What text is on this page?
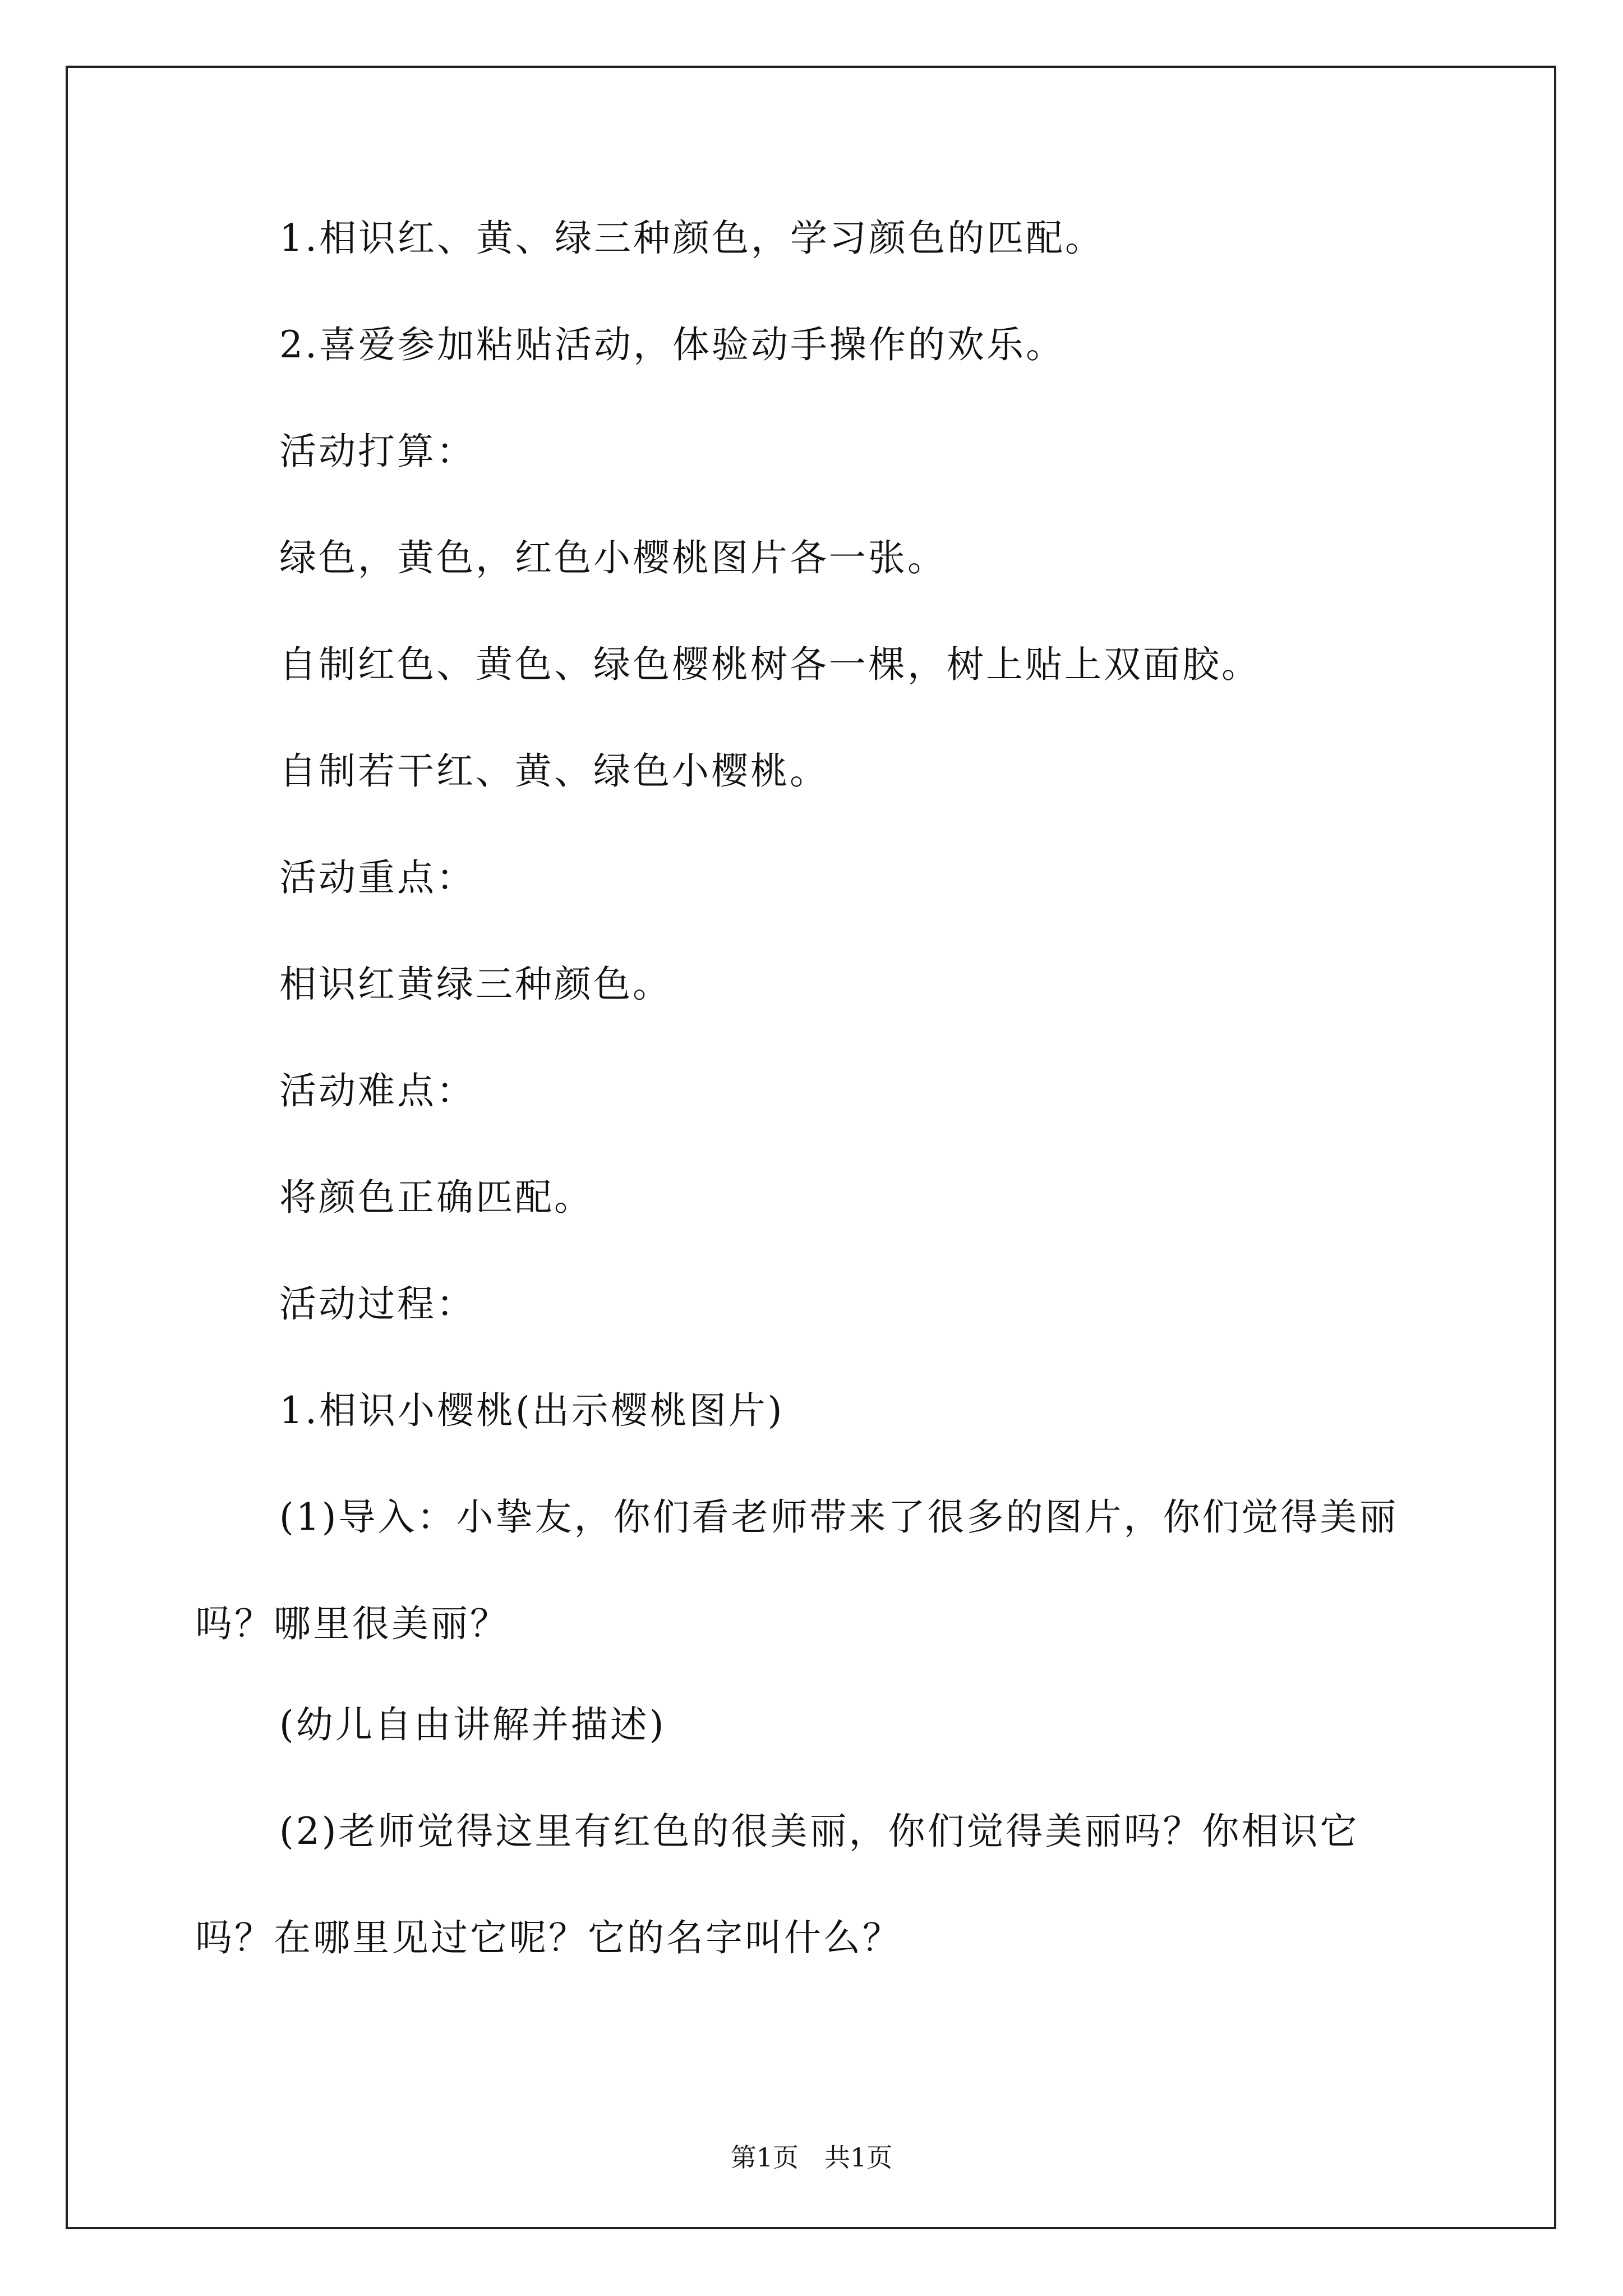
1.相识红、黄、绿三种颜色，学习颜色的匹配。

2.喜爱参加粘贴活动，体验动手操作的欢乐。

活动打算：

绿色，黄色，红色小樱桃图片各一张。

自制红色、黄色、绿色樱桃树各一棵，树上贴上双面胶。

自制若干红、黄、绿色小樱桃。

活动重点：

相识红黄绿三种颜色。

活动难点：

将颜色正确匹配。

活动过程：

1.相识小樱桃(出示樱桃图片)

(1)导入：小挚友，你们看老师带来了很多的图片，你们觉得美丽吗？哪里很美丽？

(幼儿自由讲解并描述)

(2)老师觉得这里有红色的很美丽，你们觉得美丽吗？你相识它吗？在哪里见过它呢？它的名字叫什么？

第1页　共1页
